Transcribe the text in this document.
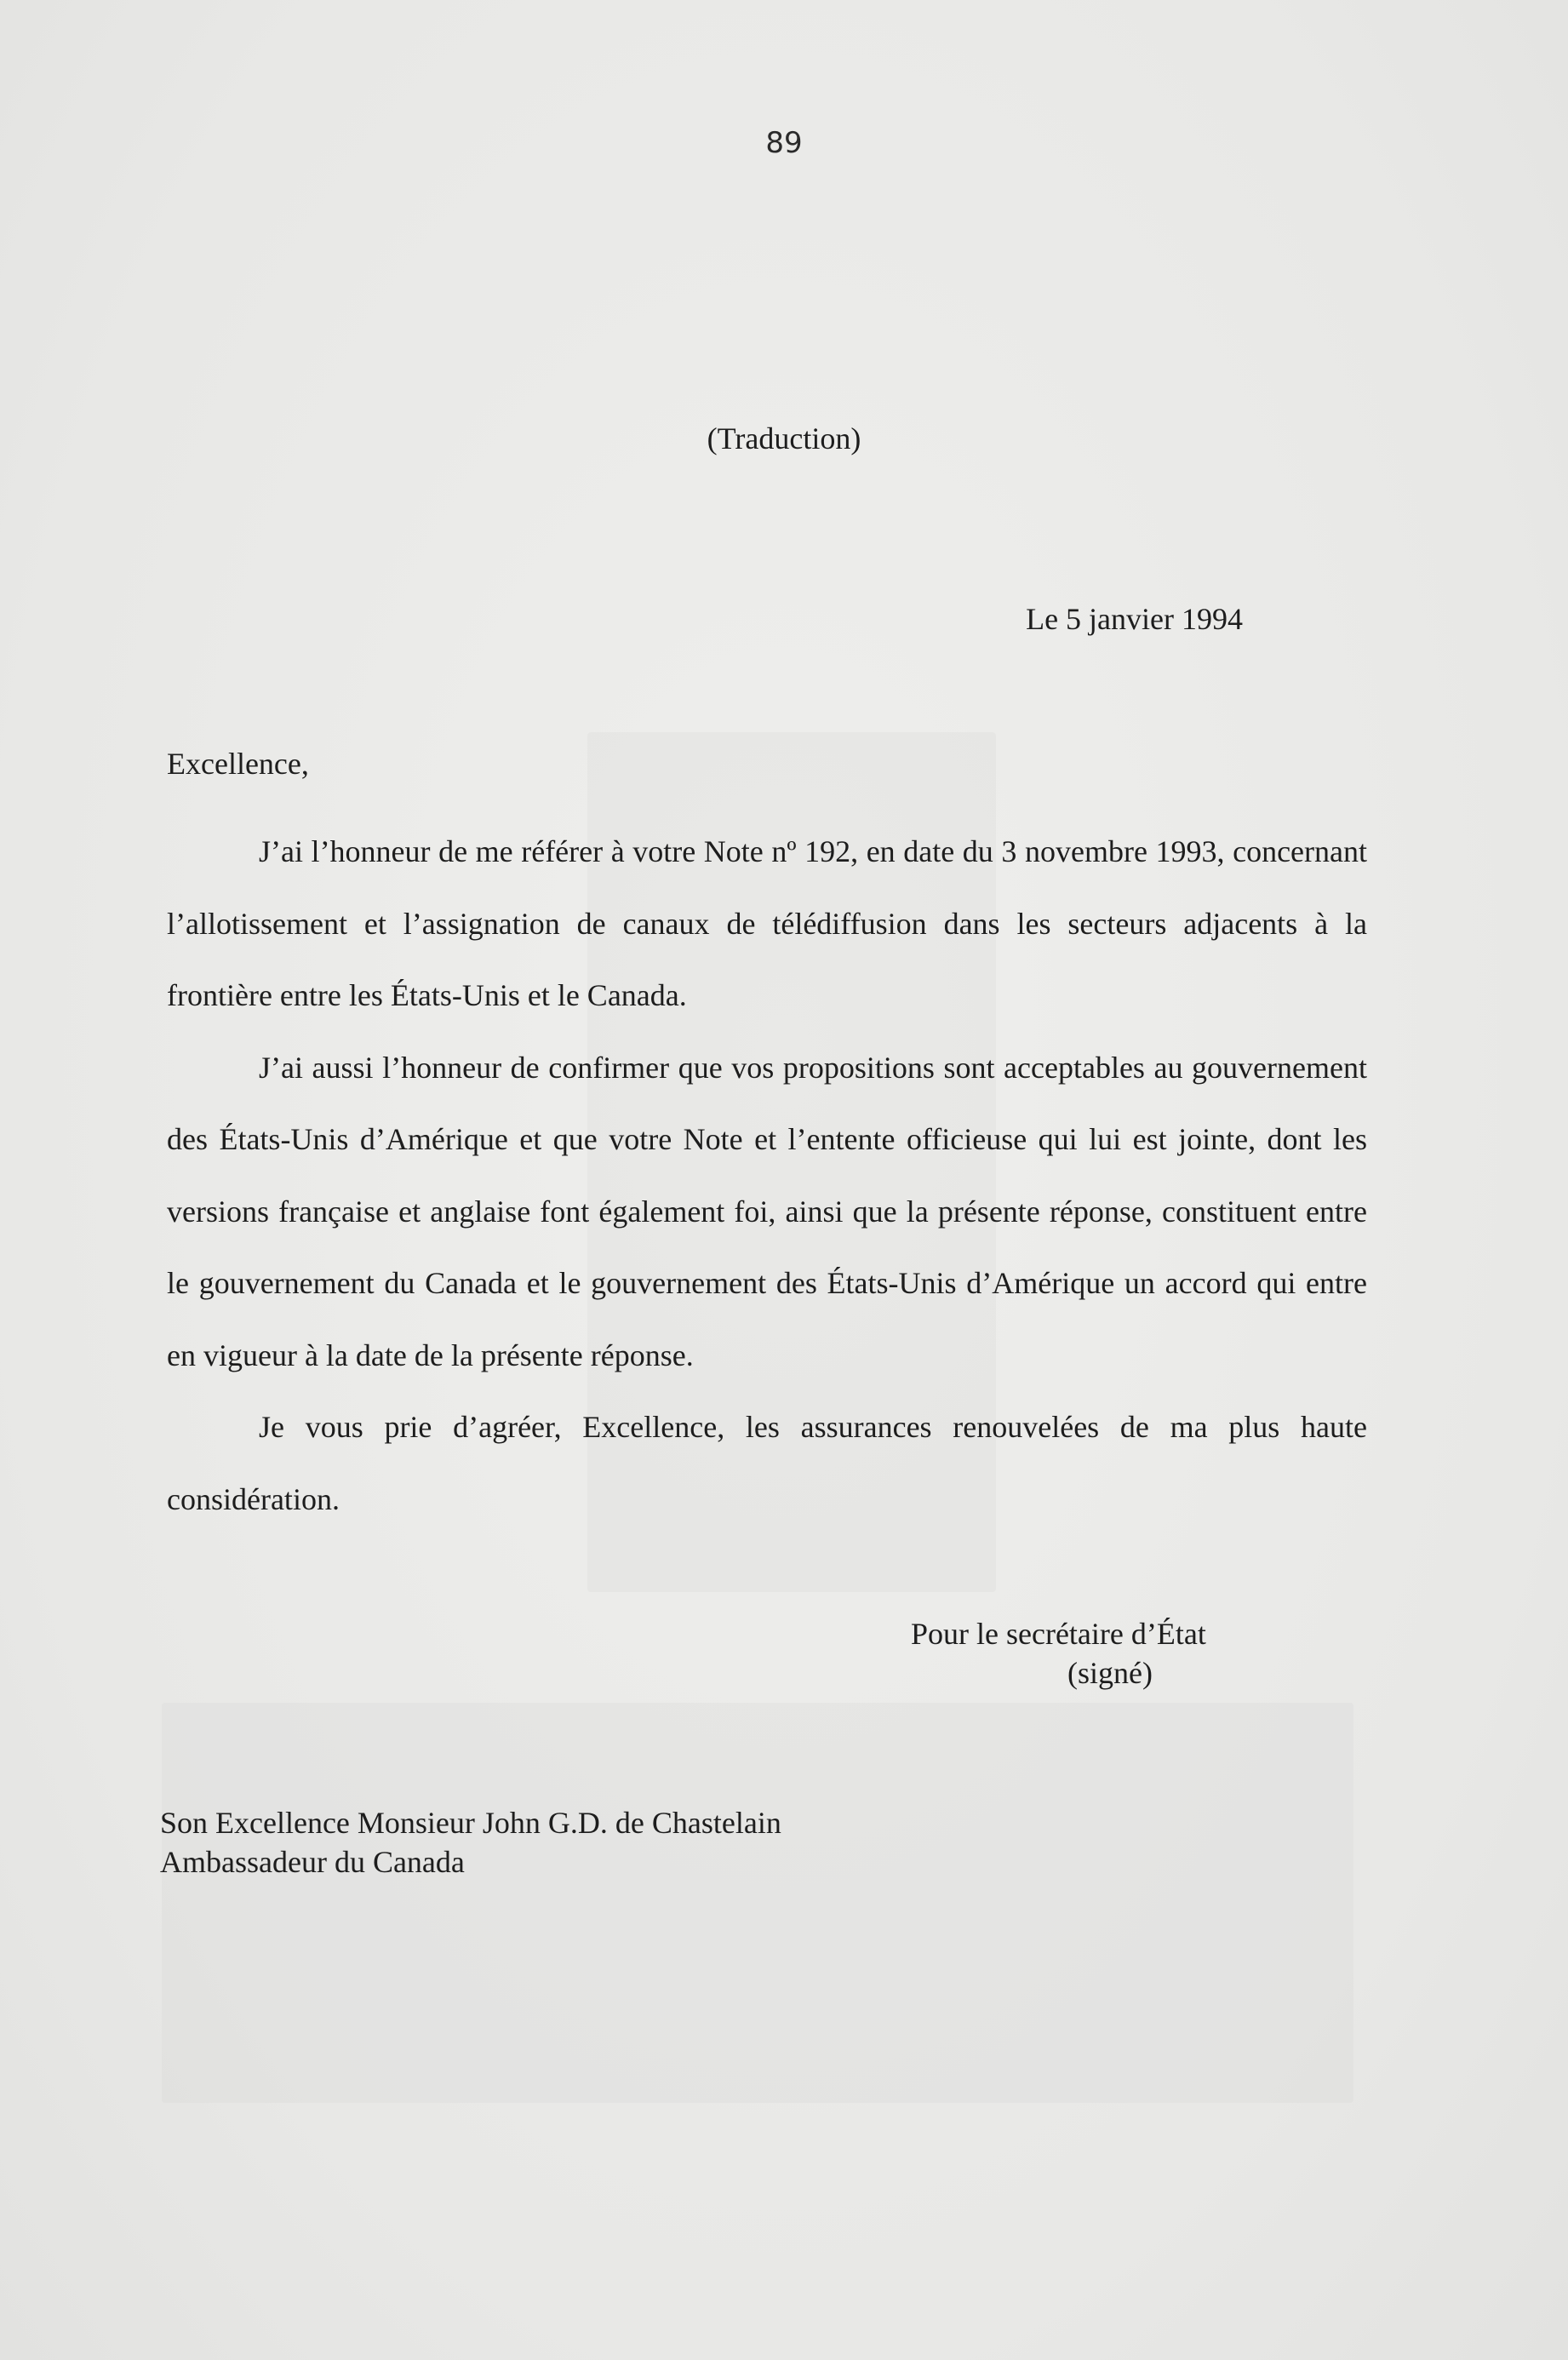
89
(Traduction)
Le 5 janvier 1994
Excellence,

J’ai l’honneur de me référer à votre Note nº 192, en date du 3 novembre 1993, concernant l’allotissement et l’assignation de canaux de télédiffusion dans les secteurs adjacents à la frontière entre les États-Unis et le Canada.

J’ai aussi l’honneur de confirmer que vos propositions sont acceptables au gouvernement des États-Unis d’Amérique et que votre Note et l’entente officieuse qui lui est jointe, dont les versions française et anglaise font également foi, ainsi que la présente réponse, constituent entre le gouvernement du Canada et le gouvernement des États-Unis d’Amérique un accord qui entre en vigueur à la date de la présente réponse.

Je vous prie d’agréer, Excellence, les assurances renouvelées de ma plus haute considération.

Pour le secrétaire d’État
(signé)
Son Excellence Monsieur John G.D. de Chastelain
Ambassadeur du Canada
